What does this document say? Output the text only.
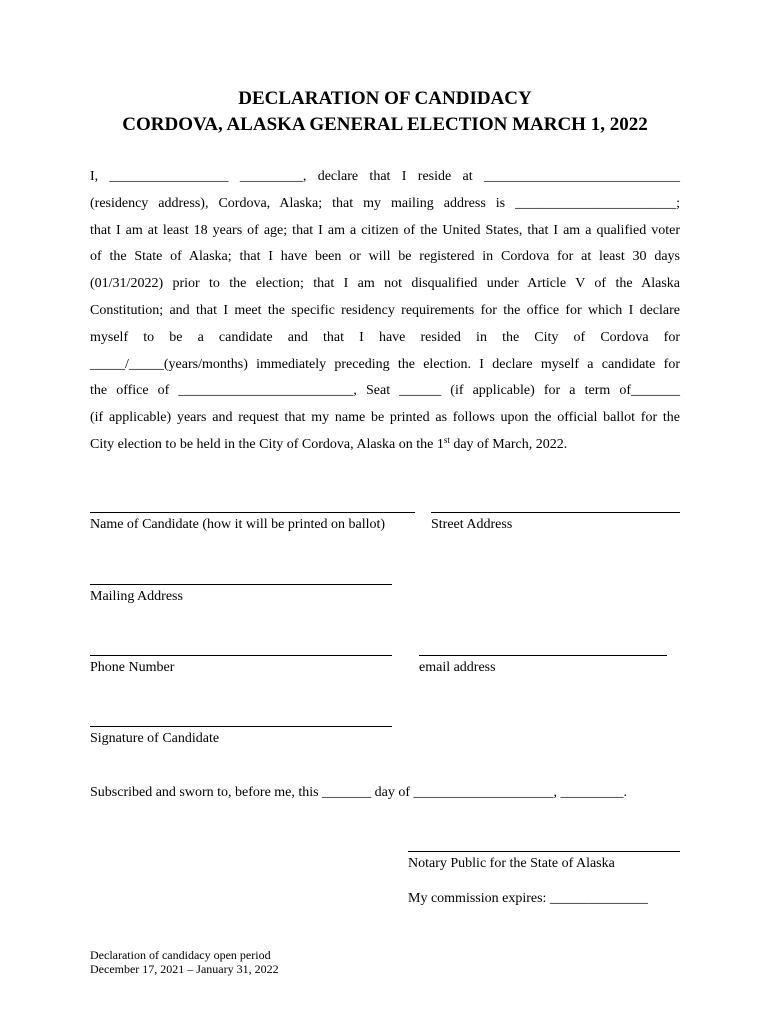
DECLARATION OF CANDIDACY
CORDOVA, ALASKA GENERAL ELECTION MARCH 1, 2022
I, _________________ _________, declare that I reside at ____________________________
(residency address), Cordova, Alaska; that my mailing address is _______________________;
that I am at least 18 years of age; that I am a citizen of the United States, that I am a qualified voter
of the State of Alaska; that I have been or will be registered in Cordova for at least 30 days
(01/31/2022) prior to the election; that I am not disqualified under Article V of the Alaska
Constitution; and that I meet the specific residency requirements for the office for which I declare
myself to be a candidate and that I have resided in the City of Cordova for
_____/_____(years/months) immediately preceding the election. I declare myself a candidate for
the office of _________________________, Seat ______ (if applicable) for a term of_______
(if applicable) years and request that my name be printed as follows upon the official ballot for the
City election to be held in the City of Cordova, Alaska on the 1st day of March, 2022.
Name of Candidate (how it will be printed on ballot)	Street Address
Mailing Address
Phone Number	email address
Signature of Candidate
Subscribed and sworn to, before me, this _______ day of ____________________, _________.
Notary Public for the State of Alaska
My commission expires: ______________
Declaration of candidacy open period
December 17, 2021 – January 31, 2022
